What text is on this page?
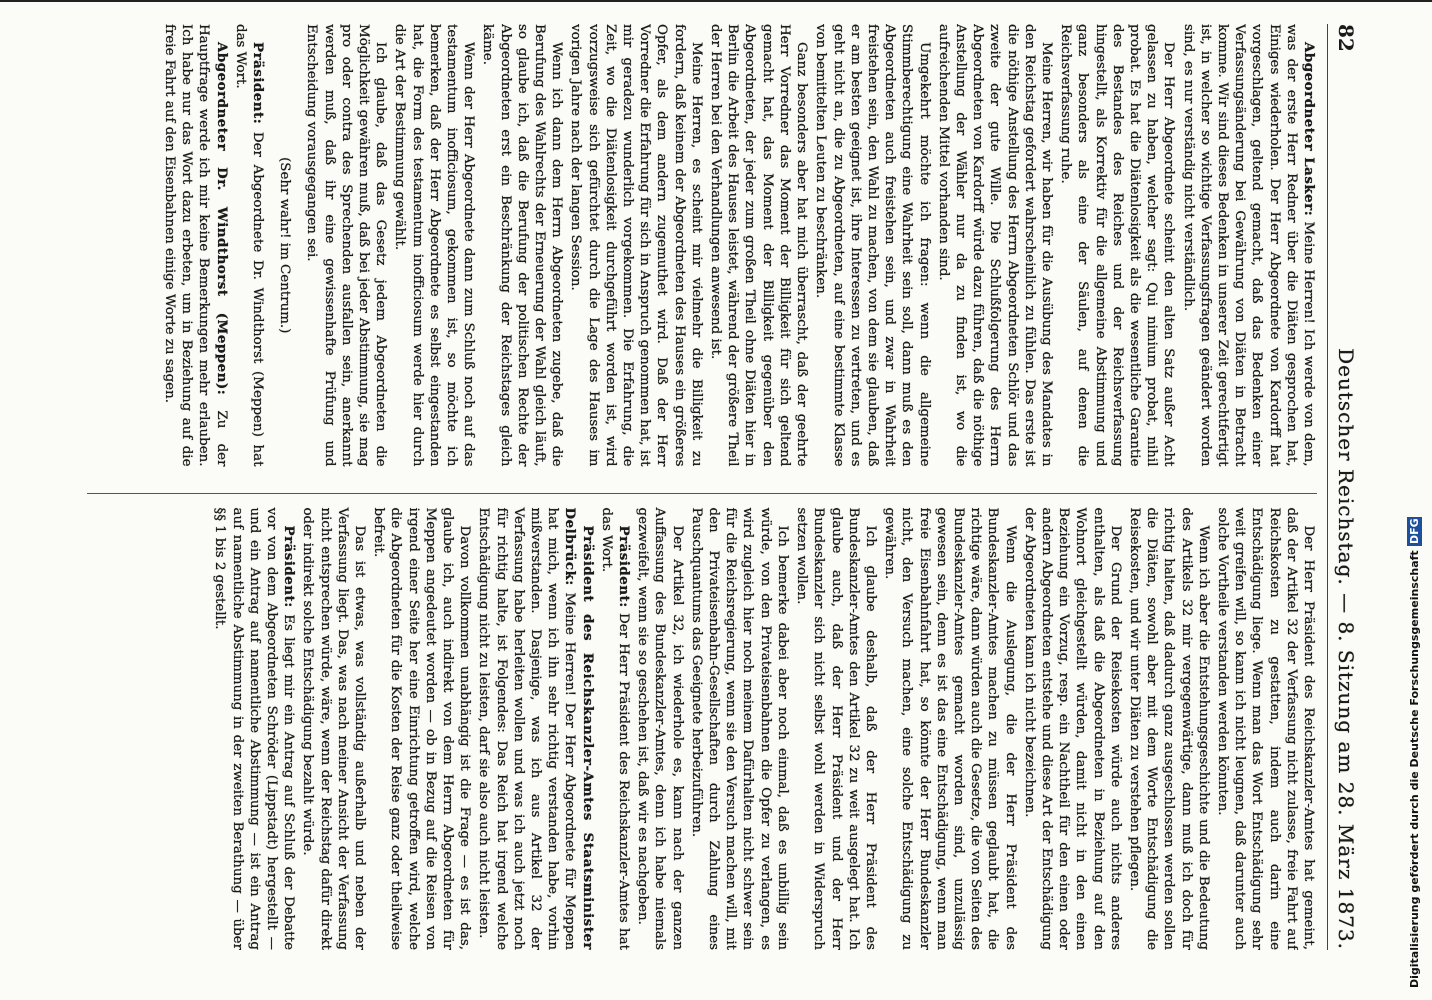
82
Deutscher Reichstag. — 8. Sitzung am 28. März 1873.

Abgeordneter Lasker: Meine Herren! Ich werde von dem, was der erste Herr Redner über die Diäten gesprochen hat, Einiges wiederholen. Der Herr Abgeordnete von Kardorff hat vorgeschlagen, geltend gemacht, daß das Bedenken einer Verfassungsänderung bei Gewährung von Diäten in Betracht komme. Wir sind dieses Bedenken in unserer Zeit gerechtfertigt ist, in welcher so wichtige Verfassungsfragen geändert worden sind, es nur verständig nicht verständlich.

Der Herr Abgeordnete scheint den alten Satz außer Acht gelassen zu haben, welcher sagt: Qui nimium probat, nihil probat. Es hat die Diätenlosigkeit als die wesentliche Garantie des Bestandes des Reiches und der Reichsverfassung hingestellt, als Korrektiv für die allgemeine Abstimmung und ganz besonders als eine der Säulen, auf denen die Reichsverfassung ruhe.

Meine Herren, wir haben für die Ausübung des Mandates in den Reichstag gefordert wahrscheinlich zu fühlen. Das erste ist die nöthige Anstellung des Herrn Abgeordneten Schlör und das zweite der gute Wille. Die Schlußfolgerung des Herrn Abgeordneten von Kardorff würde dazu führen, daß die nöthige Anstellung der Wähler nur da zu finden ist, wo die aufreichenden Mittel vorhanden sind.

Umgekehrt möchte ich fragen: wenn die allgemeine Stimmberechtigung eine Wahrheit sein soll, dann muß es den Abgeordneten auch freistehen sein, und zwar in Wahrheit freistehen sein, den Wahl zu machen, von dem sie glauben, daß er am besten geeignet ist, ihre Interessen zu vertreten, und es geht nicht an, die zu Abgeordneten, auf eine bestimmte Klasse von bemittelten Leuten zu beschränken.

Ganz besonders aber hat mich überrascht, daß der geehrte Herr Vorredner das Moment der Billigkeit für sich geltend gemacht hat, das Moment der Billigkeit gegenüber den Abgeordneten, der jeder zum großen Theil ohne Diäten hier in Berlin die Arbeit des Hauses leistet, während der größere Theil der Herren bei den Verhandlungen anwesend ist.

Meine Herren, es scheint mir vielmehr die Billigkeit zu fordern, daß keinem der Abgeordneten des Hauses ein größeres Opfer, als dem andern zugemuthet wird. Daß der Herr Vorredner die Erfahrung für sich in Anspruch genommen hat, ist mir geradezu wunderlich vorgekommen. Die Erfahrung, die Zeit, wo die Diätenlosigkeit durchgeführt worden ist, wird vorzugsweise sich gefürchtet durch die Lage des Hauses im vorigen Jahre nach der langen Session.

Wenn ich dann dem Herrn Abgeordneten zugebe, daß die Berufung des Wahlrechts der Erneuerung der Wahl gleich läuft, so glaube ich, daß die Berufung der politischen Rechte der Abgeordneten erst ein Beschränkung der Reichstages gleich käme.

Wenn der Herr Abgeordnete dann zum Schluß noch auf das testamentum inofficiosum, gekommen ist, so möchte ich bemerken, daß der Herr Abgeordnete es selbst eingestanden hat, die Form des testamentum inofficiosum werde hier durch die Art der Bestimmung gewählt.

Ich glaube, daß das Gesetz jedem Abgeordneten die Möglichkeit gewähren muß, daß bei jeder Abstimmung, sie mag pro oder contra des Sprechenden ausfallen sein, anerkannt werden muß, daß ihr eine gewissenhafte Prüfung und Entscheidung vorausgegangen sei.

(Sehr wahr! im Centrum.)

Präsident: Der Abgeordnete Dr. Windthorst (Meppen) hat das Wort.

Abgeordneter Dr. Windthorst (Meppen): Zu der Hauptfrage werde ich mir keine Bemerkungen mehr erlauben. Ich habe nur das Wort dazu erbeten, um in Beziehung auf die freie Fahrt auf den Eisenbahnen einige Worte zu sagen.

Der Herr Präsident des Reichskanzler-Amtes hat gemeint, daß der Artikel 32 der Verfassung nicht zulasse, freie Fahrt auf Reichskosten zu gestatten, indem auch darin eine Entschädigung liege. Wenn man das Wort Entschädigung sehr weit greifen will, so kann ich nicht leugnen, daß darunter auch solche Vortheile verstanden werden könnten.

Wenn ich aber die Entstehungsgeschichte und die Bedeutung des Artikels 32 mir vergegenwärtige, dann muß ich doch für richtig halten, daß dadurch ganz ausgeschlossen werden sollen die Diäten, sowohl aber mit dem Worte Entschädigung die Reisekosten, und wir unter Diäten zu verstehen pflegen.

Der Grund der Reisekosten würde auch nichts anderes enthalten, als daß die Abgeordneten in Beziehung auf den Wohnort gleichgestellt würden, damit nicht in den einen Beziehung ein Vorzug, resp. ein Nachtheil für den einen oder andern Abgeordneten entstehe und diese Art der Entschädigung der Abgeordneten kann ich nicht bezeichnen.

Wenn die Auslegung, die der Herr Präsident des Bundeskanzler-Amtes machen zu müssen geglaubt hat, die richtige wäre, dann würden auch die Gesetze, die von Seiten des Bundeskanzler-Amtes gemacht worden sind, unzulässig gewesen sein, denn es ist das eine Entschädigung, wenn man freie Eisenbahnfahrt hat, so könnte der Herr Bundeskanzler nicht, den Versuch machen, eine solche Entschädigung zu gewähren.

Ich glaube deshalb, daß der Herr Präsident des Bundeskanzler-Amtes den Artikel 32 zu weit ausgelegt hat. Ich glaube auch, daß der Herr Präsident und der Herr Bundeskanzler sich nicht selbst wohl werden in Widerspruch setzen wollen.

Ich bemerke dabei aber noch einmal, daß es unbillig sein würde, von den Privateisenbahnen die Opfer zu verlangen, es wird zugleich hier noch meinem Dafürhalten nicht schwer sein für die Reichsregierung, wenn sie den Versuch machen will, mit den Privateisenbahn-Gesellschaften durch Zahlung eines Pauschquantums das Geeignete herbeizuführen.

Der Artikel 32, ich wiederhole es, kann nach der ganzen Auffassung des Bundeskanzler-Amtes, denn ich habe niemals gezweifelt, wenn sie so geschehen ist, daß wir es nachgeben.

Präsident: Der Herr Präsident des Reichskanzler-Amtes hat das Wort.

Präsident des Reichskanzler-Amtes Staatsminister Delbrück: Meine Herren! Der Herr Abgeordnete für Meppen hat mich, wenn ich ihn sehr richtig verstanden habe, vorhin mißverstanden. Dasjenige, was ich aus Artikel 32 der Verfassung habe herleiten wollen und was ich auch jetzt noch für richtig halte, ist Folgendes: Das Reich hat irgend welche Entschädigung nicht zu leisten, darf sie also auch nicht leisten.

Davon vollkommen unabhängig ist die Frage — es ist das, glaube ich, auch indirekt von dem Herrn Abgeordneten für Meppen angedeutet worden — ob in Bezug auf die Reisen von irgend einer Seite her eine Einrichtung getroffen wird, welche die Abgeordneten für die Kosten der Reise ganz oder theilweise befreit.

Das ist etwas, was vollständig außerhalb und neben der Verfassung liegt. Das, was nach meiner Ansicht der Verfassung nicht entsprechen würde, wäre, wenn der Reichstag dafür direkt oder indirekt solche Entschädigung bezahlt würde.

Präsident: Es liegt mir ein Antrag auf Schluß der Debatte vor von dem Abgeordneten Schröder (Lippstadt) hergestellt — und ein Antrag auf namentliche Abstimmung — ist ein Antrag auf namentliche Abstimmung in der zweiten Berathung — über §§ 1 bis 2 gestellt.	Digitalisierung gefördert durch die Deutsche Forschungsgemeinschaft DFG
